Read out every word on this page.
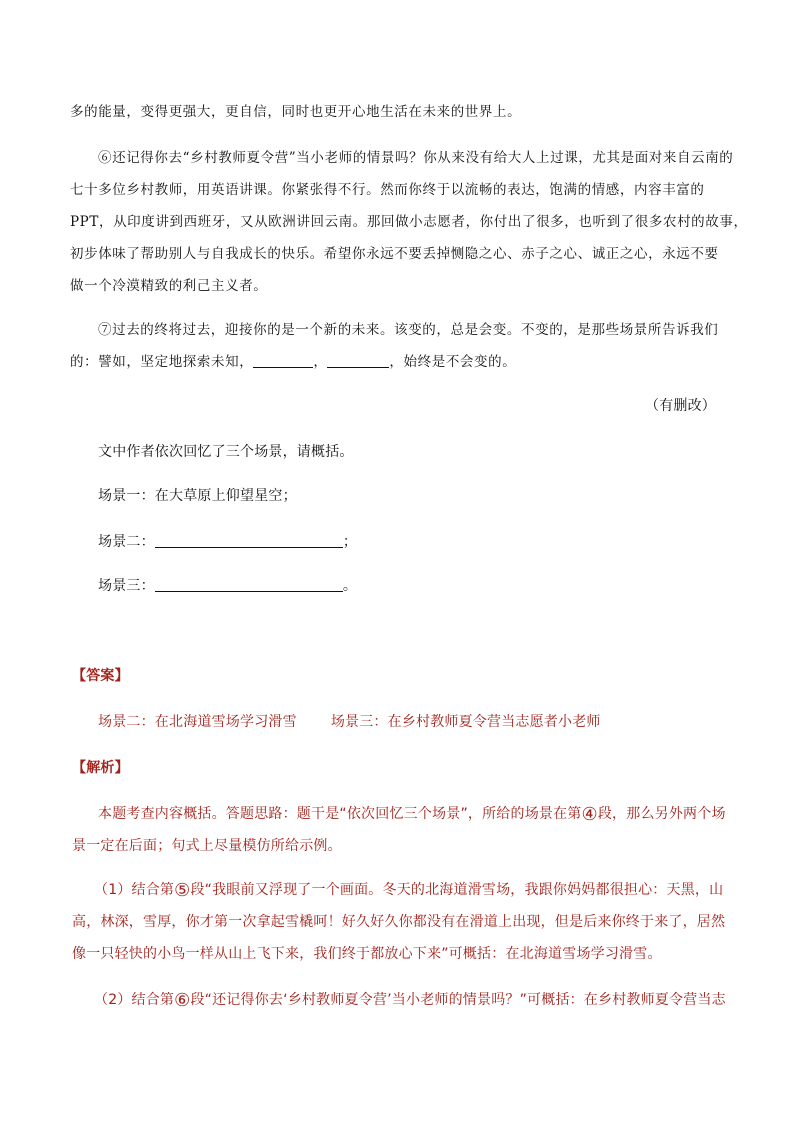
多的能量，变得更强大，更自信，同时也更开心地生活在未来的世界上。
⑥还记得你去“乡村教师夏令营”当小老师的情景吗？你从来没有给大人上过课，尤其是面对来自云南的
七十多位乡村教师，用英语讲课。你紧张得不行。然而你终于以流畅的表达，饱满的情感，内容丰富的
PPT，从印度讲到西班牙，又从欧洲讲回云南。那回做小志愿者，你付出了很多，也听到了很多农村的故事，
初步体味了帮助别人与自我成长的快乐。希望你永远不要丢掉恻隐之心、赤子之心、诚正之心，永远不要
做一个冷漠精致的利己主义者。
⑦过去的终将过去，迎接你的是一个新的未来。该变的，总是会变。不变的，是那些场景所告诉我们
的：譬如，坚定地探索未知，	，	，始终是不会变的。
（有删改）
文中作者依次回忆了三个场景，请概括。
场景一：在大草原上仰望星空；
场景二：	；
场景三：	。
【答案】
场景二：在北海道雪场学习滑雪 场景三：在乡村教师夏令营当志愿者小老师
【解析】
本题考查内容概括。答题思路：题干是“依次回忆三个场景”，所给的场景在第④段，那么另外两个场
景一定在后面；句式上尽量模仿所给示例。
（1）结合第⑤段“我眼前又浮现了一个画面。冬天的北海道滑雪场，我跟你妈妈都很担心：天黑，山
高，林深，雪厚，你才第一次拿起雪橇呵！好久好久你都没有在滑道上出现，但是后来你终于来了，居然
像一只轻快的小鸟一样从山上飞下来，我们终于都放心下来”可概括：在北海道雪场学习滑雪。
（2）结合第⑥段“还记得你去‘乡村教师夏令营’当小老师的情景吗？”可概括：在乡村教师夏令营当志
